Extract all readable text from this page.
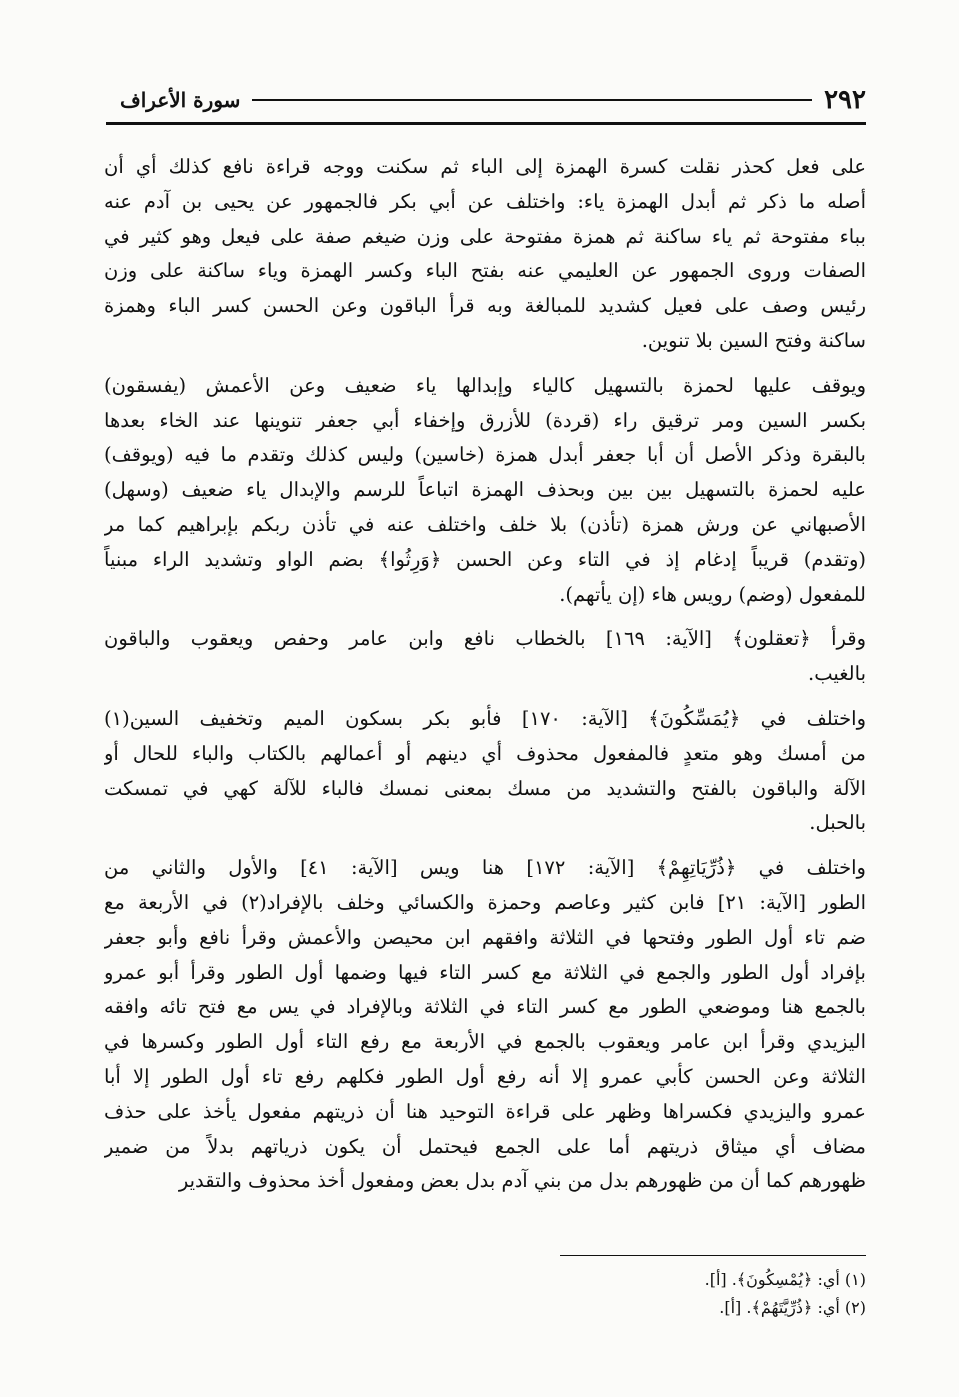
٢٩٢
سورة الأعراف

على فعل كحذر نقلت كسرة الهمزة إلى الباء ثم سكنت ووجه قراءة نافع كذلك أي أن
أصله ما ذكر ثم أبدل الهمزة ياء: واختلف عن أبي بكر فالجمهور عن يحيى بن آدم عنه
بباء مفتوحة ثم ياء ساكنة ثم همزة مفتوحة على وزن ضيغم صفة على فيعل وهو كثير في
الصفات وروى الجمهور عن العليمي عنه بفتح الباء وكسر الهمزة وياء ساكنة على وزن
رئيس وصف على فعيل كشديد للمبالغة وبه قرأ الباقون وعن الحسن كسر الباء وهمزة
ساكنة وفتح السين بلا تنوين.

ويوقف عليها لحمزة بالتسهيل كالياء وإبدالها ياء ضعيف وعن الأعمش (يفسقون)
بكسر السين ومر ترقيق راء (قردة) للأزرق وإخفاء أبي جعفر تنوينها عند الخاء بعدها
بالبقرة وذكر الأصل أن أبا جعفر أبدل همزة (خاسين) وليس كذلك وتقدم ما فيه (ويوقف)
عليه لحمزة بالتسهيل بين بين وبحذف الهمزة اتباعاً للرسم والإبدال ياء ضعيف (وسهل)
الأصبهاني عن ورش همزة (تأذن) بلا خلف واختلف عنه في تأذن ربكم بإبراهيم كما مر
(وتقدم) قريباً إدغام إذ في التاء وعن الحسن ﴿وَرِثُوا﴾ بضم الواو وتشديد الراء مبنياً
للمفعول (وضم) رويس هاء (إن يأتهم).

وقرأ ﴿تعقلون﴾ [الآية: ١٦٩] بالخطاب نافع وابن عامر وحفص ويعقوب والباقون
بالغيب.

واختلف في ﴿يُمَسِّكُونَ﴾ [الآية: ١٧٠] فأبو بكر بسكون الميم وتخفيف السين(١)
من أمسك وهو متعدٍ فالمفعول محذوف أي دينهم أو أعمالهم بالكتاب والباء للحال أو
الآلة والباقون بالفتح والتشديد من مسك بمعنى نمسك فالباء للآلة كهي في تمسكت
بالحبل.

واختلف في ﴿ذُرِّيَاتِهِمْ﴾ [الآية: ١٧٢] هنا ويس [الآية: ٤١] والأول والثاني من
الطور [الآية: ٢١] فابن كثير وعاصم وحمزة والكسائي وخلف بالإفراد(٢) في الأربعة مع
ضم تاء أول الطور وفتحها في الثلاثة وافقهم ابن محيصن والأعمش وقرأ نافع وأبو جعفر
بإفراد أول الطور والجمع في الثلاثة مع كسر التاء فيها وضمها أول الطور وقرأ أبو عمرو
بالجمع هنا وموضعي الطور مع كسر التاء في الثلاثة وبالإفراد في يس مع فتح تائه وافقه
اليزيدي وقرأ ابن عامر ويعقوب بالجمع في الأربعة مع رفع التاء أول الطور وكسرها في
الثلاثة وعن الحسن كأبي عمرو إلا أنه رفع أول الطور فكلهم رفع تاء أول الطور إلا أبا
عمرو واليزيدي فكسراها وظهر على قراءة التوحيد هنا أن ذريتهم مفعول يأخذ على حذف
مضاف أي ميثاق ذريتهم أما على الجمع فيحتمل أن يكون ذرياتهم بدلاً من ضمير
ظهورهم كما أن من ظهورهم بدل من بني آدم بدل بعض ومفعول أخذ محذوف والتقدير

(١) أي: ﴿يُمْسِكُونَ﴾. [أ].
(٢) أي: ﴿ذُرِّيَّتَهُمْ﴾. [أ].
